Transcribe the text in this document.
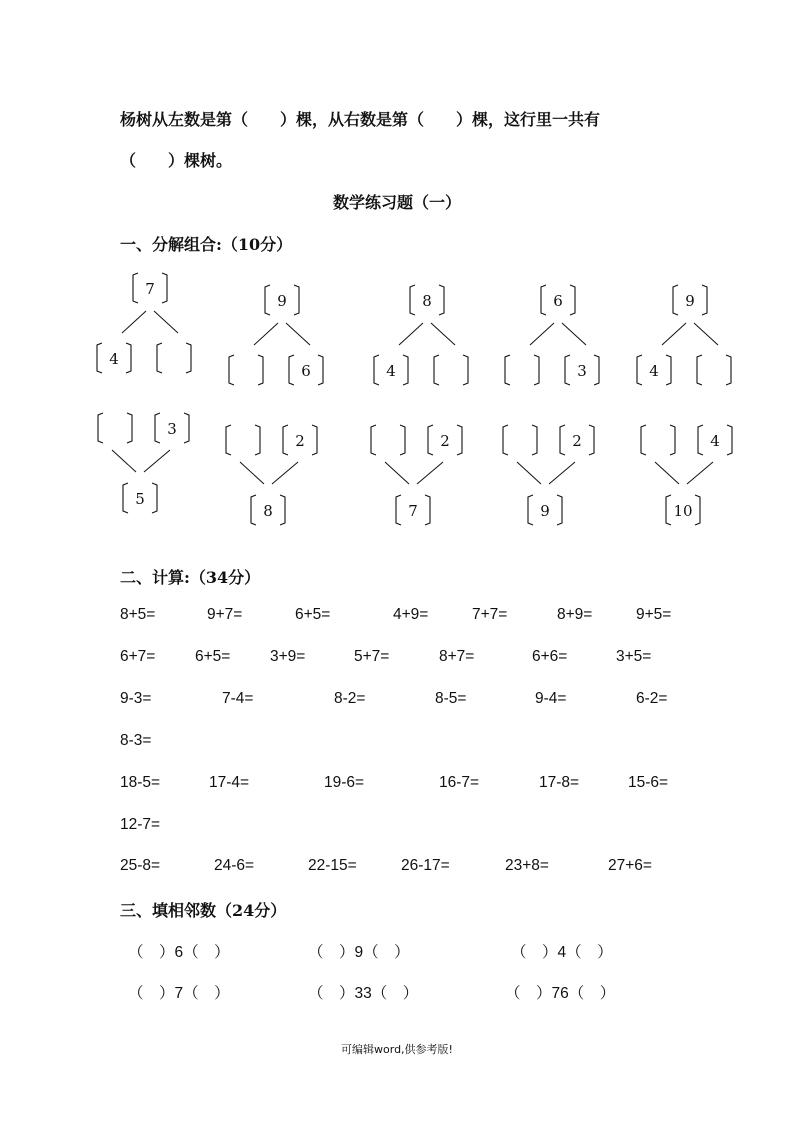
杨树从左数是第（　　）棵，从右数是第（　　）棵，这行里一共有
（　　）棵树。
数学练习题（一）
一、分解组合:（10分）
7
4
9
6
8
4
6
3
9
4
3
5
2
8
2
7
2
9
4
10
二、计算:（34分）
8+5=	9+7=	6+5=	4+9=	7+7=	8+9=	9+5=
6+7=	6+5=	3+9=	5+7=	8+7=	6+6=	3+5=
9-3=	7-4=	8-2=	8-5=	9-4=	6-2=
8-3=
18-5=	17-4=	19-6=	16-7=	17-8=	15-6=
12-7=
25-8=	24-6=	22-15=	26-17=	23+8=	27+6=
三、填相邻数（24分）
（　）6（　）	（　）9（　）	（　）4（　）
（　）7（　）	（　）33（　）	（　）76（　）
可编辑word,供参考版!
